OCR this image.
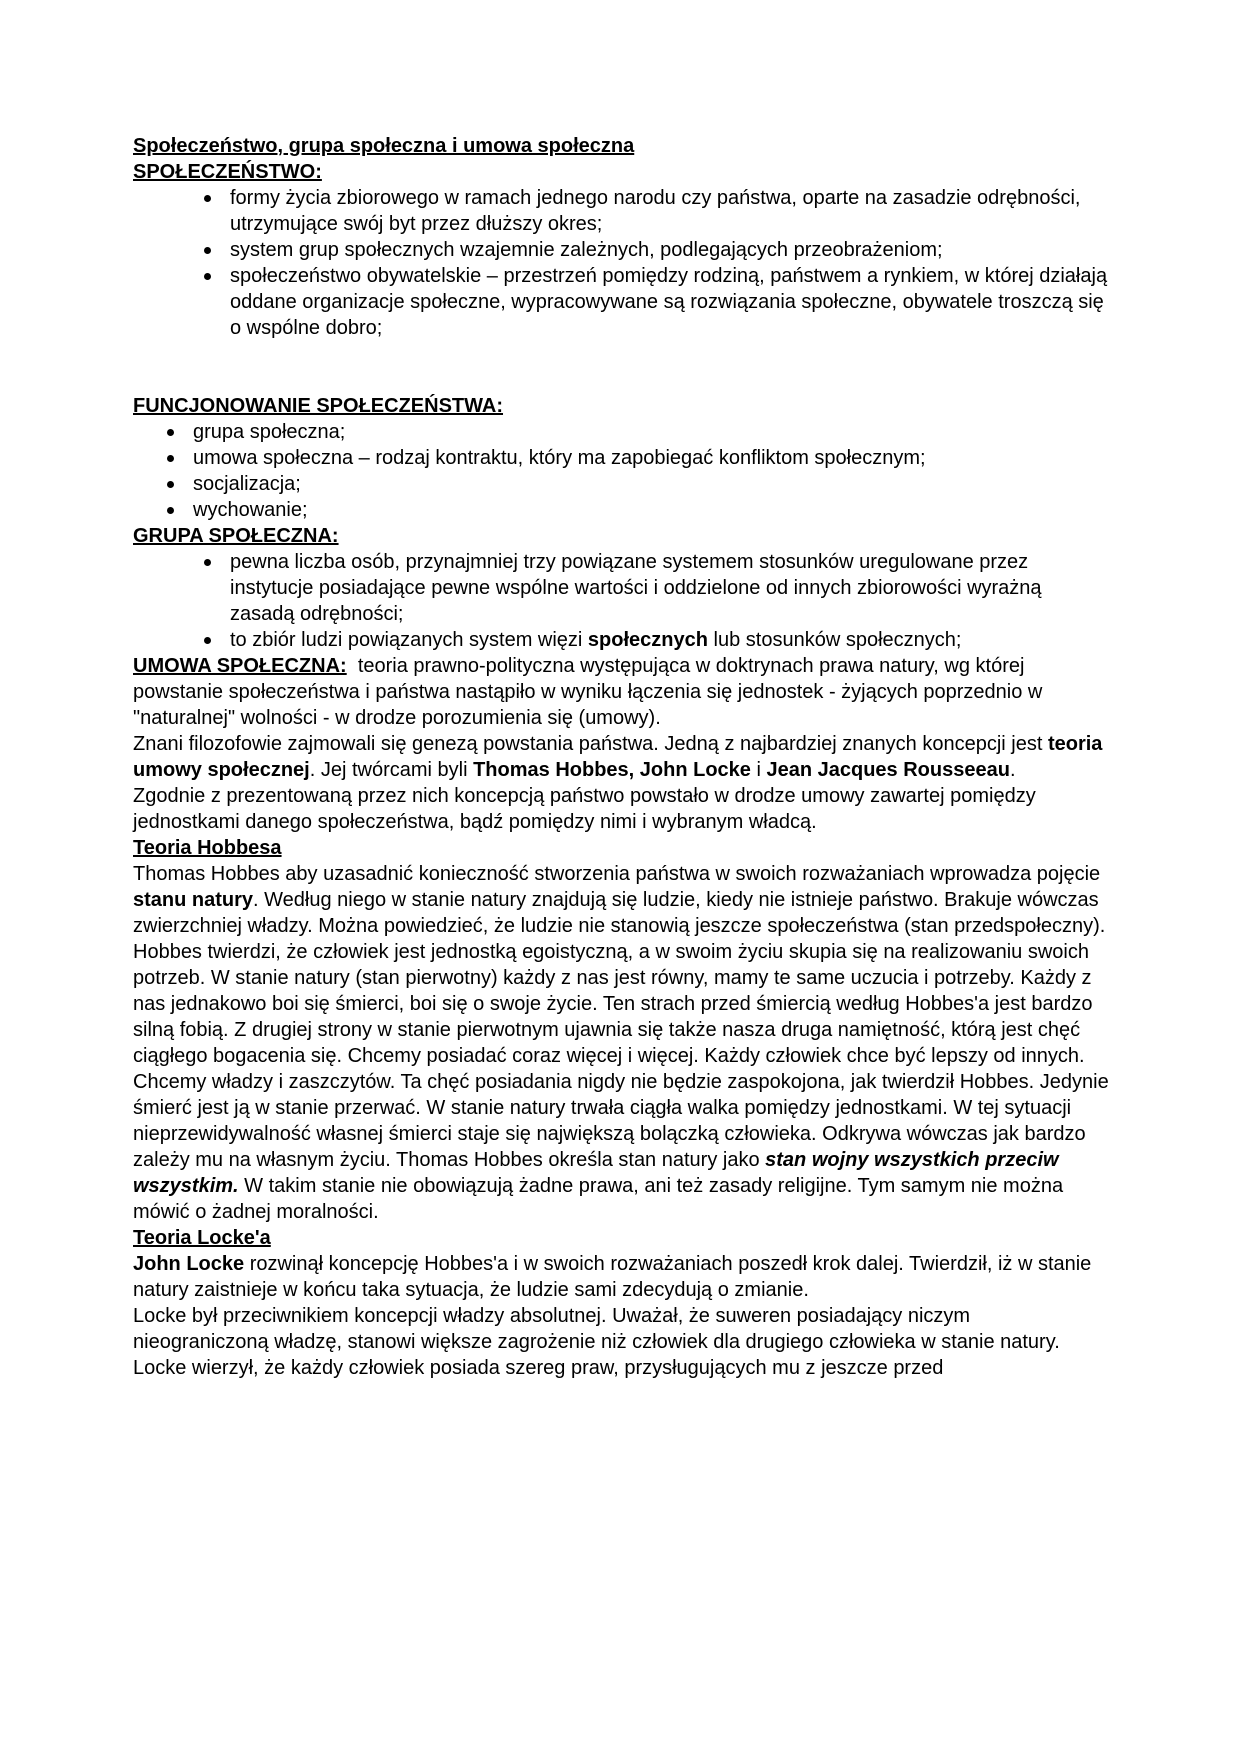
Społeczeństwo, grupa społeczna i umowa społeczna
SPOŁECZEŃSTWO:
formy życia zbiorowego w ramach jednego narodu czy państwa, oparte na zasadzie odrębności, utrzymujące swój byt przez dłuższy okres;
system grup społecznych wzajemnie zależnych, podlegających przeobrażeniom;
społeczeństwo obywatelskie – przestrzeń pomiędzy rodziną, państwem a rynkiem, w której działają oddane organizacje społeczne, wypracowywane są rozwiązania społeczne, obywatele troszczą się o wspólne dobro;
FUNCJONOWANIE SPOŁECZEŃSTWA:
grupa społeczna;
umowa społeczna – rodzaj kontraktu, który ma zapobiegać konfliktom społecznym;
socjalizacja;
wychowanie;
GRUPA SPOŁECZNA:
pewna liczba osób, przynajmniej trzy powiązane systemem stosunków uregulowane przez instytucje posiadające pewne wspólne wartości i oddzielone od innych zbiorowości wyrażną zasadą odrębności;
to zbiór ludzi powiązanych system więzi społecznych lub stosunków społecznych;
UMOWA SPOŁECZNA:  teoria prawno-polityczna występująca w doktrynach prawa natury, wg której powstanie społeczeństwa i państwa nastąpiło w wyniku łączenia się jednostek - żyjących poprzednio w "naturalnej" wolności - w drodze porozumienia się (umowy).
Znani filozofowie zajmowali się genezą powstania państwa. Jedną z najbardziej znanych koncepcji jest teoria umowy społecznej. Jej twórcami byli Thomas Hobbes, John Locke i Jean Jacques Rousseeau.
Zgodnie z prezentowaną przez nich koncepcją państwo powstało w drodze umowy zawartej pomiędzy jednostkami danego społeczeństwa, bądź pomiędzy nimi i wybranym władcą.
Teoria Hobbesa
Thomas Hobbes aby uzasadnić konieczność stworzenia państwa w swoich rozważaniach wprowadza pojęcie stanu natury. Według niego w stanie natury znajdują się ludzie, kiedy nie istnieje państwo. Brakuje wówczas zwierzchniej władzy. Można powiedzieć, że ludzie nie stanowią jeszcze społeczeństwa (stan przedspołeczny). Hobbes twierdzi, że człowiek jest jednostką egoistyczną, a w swoim życiu skupia się na realizowaniu swoich potrzeb. W stanie natury (stan pierwotny) każdy z nas jest równy, mamy te same uczucia i potrzeby. Każdy z nas jednakowo boi się śmierci, boi się o swoje życie. Ten strach przed śmiercią według Hobbes'a jest bardzo silną fobią. Z drugiej strony w stanie pierwotnym ujawnia się także nasza druga namiętność, którą jest chęć ciągłego bogacenia się. Chcemy posiadać coraz więcej i więcej. Każdy człowiek chce być lepszy od innych. Chcemy władzy i zaszczytów. Ta chęć posiadania nigdy nie będzie zaspokojona, jak twierdził Hobbes. Jedynie śmierć jest ją w stanie przerwać. W stanie natury trwała ciągła walka pomiędzy jednostkami. W tej sytuacji nieprzewidywalność własnej śmierci staje się największą bolączką człowieka. Odkrywa wówczas jak bardzo zależy mu na własnym życiu. Thomas Hobbes określa stan natury jako stan wojny wszystkich przeciw wszystkim. W takim stanie nie obowiązują żadne prawa, ani też zasady religijne. Tym samym nie można mówić o żadnej moralności.
Teoria Locke'a
John Locke rozwinął koncepcję Hobbes'a i w swoich rozważaniach poszedł krok dalej. Twierdził, iż w stanie natury zaistnieje w końcu taka sytuacja, że ludzie sami zdecydują o zmianie.
Locke był przeciwnikiem koncepcji władzy absolutnej. Uważał, że suweren posiadający niczym nieograniczoną władzę, stanowi większe zagrożenie niż człowiek dla drugiego człowieka w stanie natury. Locke wierzył, że każdy człowiek posiada szereg praw, przysługujących mu z jeszcze przed
